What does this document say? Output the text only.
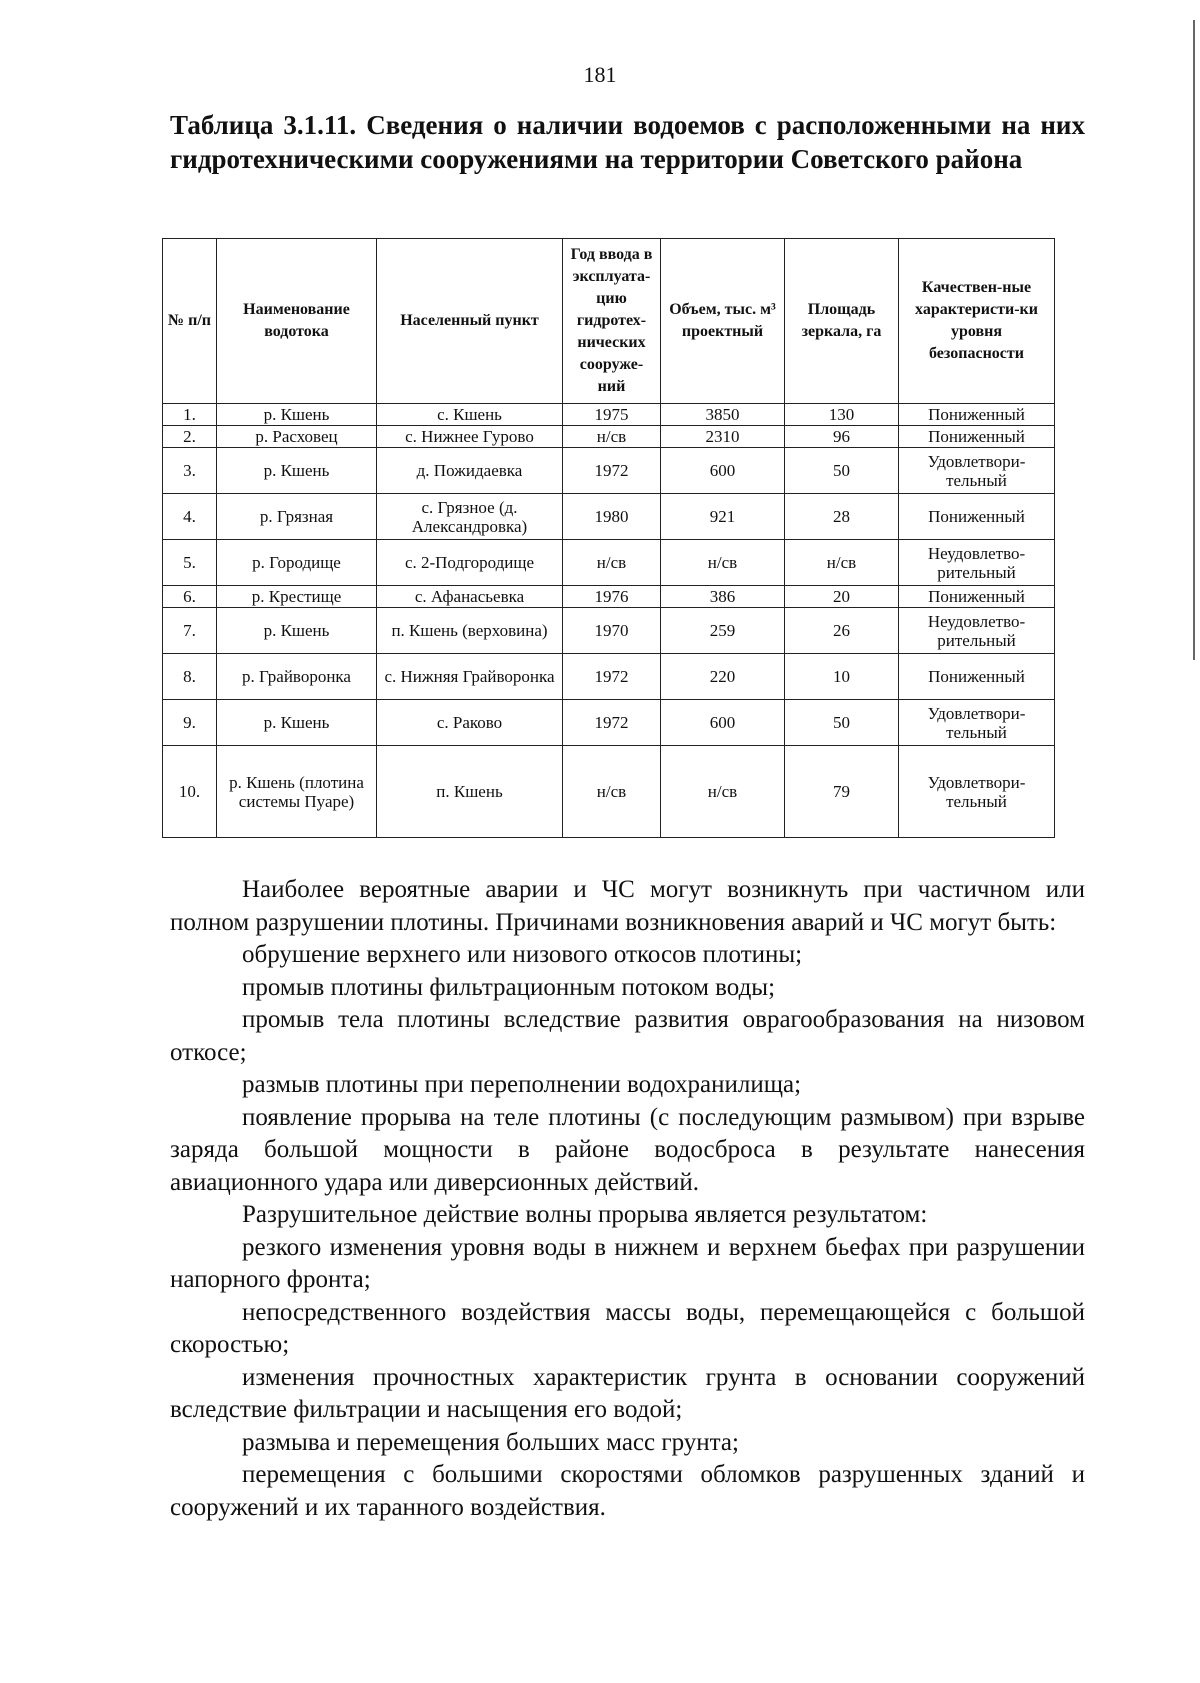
181
Таблица 3.1.11. Сведения о наличии водоемов с расположенными на них гидротехническими сооружениями на территории Советского района
№ п/п	Наименование водотока	Населенный пункт	Год ввода в эксплуата-цию гидротех-нических сооруже-ний	Объем, тыс. м³ проектный	Площадь зеркала, га	Качествен-ные характеристи-ки уровня безопасности
1.	р. Кшень	с. Кшень	1975	3850	130	Пониженный
2.	р. Расховец	с. Нижнее Гурово	н/св	2310	96	Пониженный
3.	р. Кшень	д. Пожидаевка	1972	600	50	Удовлетвори-тельный
4.	р. Грязная	с. Грязное (д. Александровка)	1980	921	28	Пониженный
5.	р. Городище	с. 2-Подгородище	н/св	н/св	н/св	Неудовлетво-рительный
6.	р. Крестище	с. Афанасьевка	1976	386	20	Пониженный
7.	р. Кшень	п. Кшень (верховина)	1970	259	26	Неудовлетво-рительный
8.	р. Грайворонка	с. Нижняя Грайворонка	1972	220	10	Пониженный
9.	р. Кшень	с. Раково	1972	600	50	Удовлетвори-тельный
10.	р. Кшень (плотина системы Пуаре)	п. Кшень	н/св	н/св	79	Удовлетвори-тельный

Наиболее вероятные аварии и ЧС могут возникнуть при частичном или полном разрушении плотины. Причинами возникновения аварий и ЧС могут быть:

обрушение верхнего или низового откосов плотины;

промыв плотины фильтрационным потоком воды;

промыв тела плотины вследствие развития оврагообразования на низовом откосе;

размыв плотины при переполнении водохранилища;

появление прорыва на теле плотины (с последующим размывом) при взрыве заряда большой мощности в районе водосброса в результате нанесения авиационного удара или диверсионных действий.

Разрушительное действие волны прорыва является результатом:

резкого изменения уровня воды в нижнем и верхнем бьефах при разрушении напорного фронта;

непосредственного воздействия массы воды, перемещающейся с большой скоростью;

изменения прочностных характеристик грунта в основании сооружений вследствие фильтрации и насыщения его водой;

размыва и перемещения больших масс грунта;

перемещения с большими скоростями обломков разрушенных зданий и сооружений и их таранного воздействия.
